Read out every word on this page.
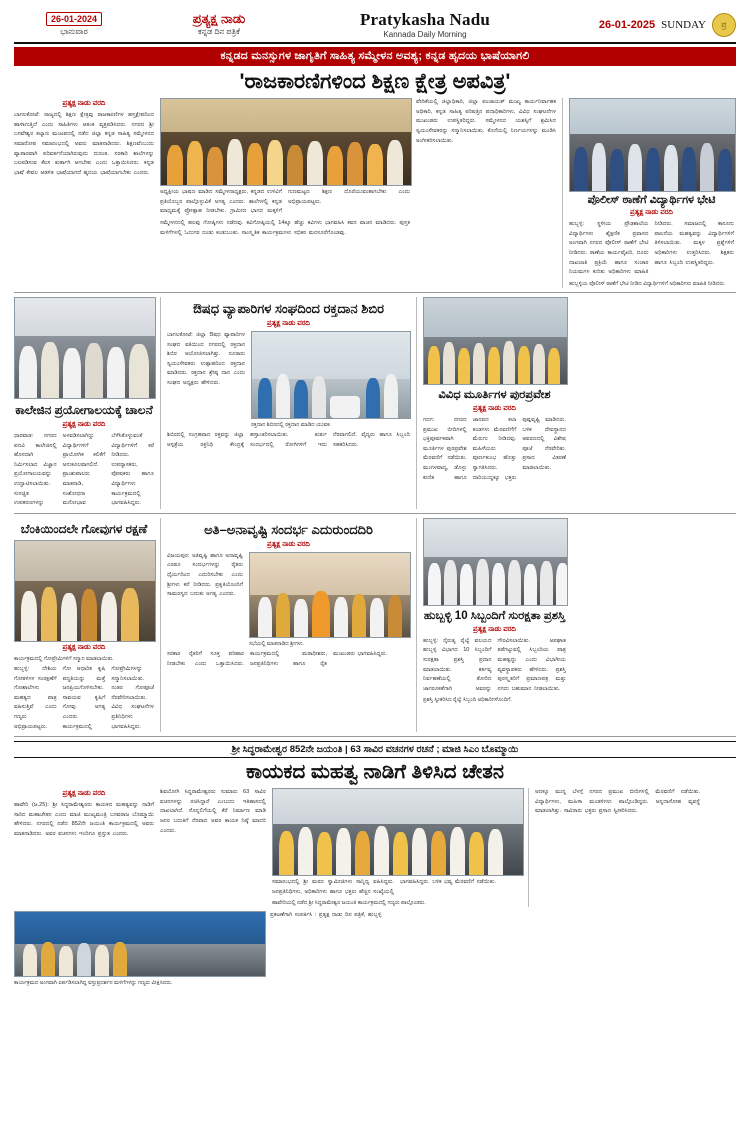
26-01-2024
ಭಾನುವಾರ
ಪ್ರತ್ಯಕ್ಷ ನಾಡು
ಕನ್ನಡ ದಿನ ಪತ್ರಿಕೆ
Pratykasha Nadu
Kannada Daily Morning
26-01-2025 SUNDAY	ಪ್ರ
ಕನ್ನಡದ ಮನಸ್ಸುಗಳ ಜಾಗೃತಿಗೆ ಸಾಹಿತ್ಯ ಸಮ್ಮೇಳನ ಅವಶ್ಯ; ಕನ್ನಡ ಹೃದಯ ಭಾಷೆಯಾಗಲಿ
'ರಾಜಕಾರಣಿಗಳಿಂದ ಶಿಕ್ಷಣ ಕ್ಷೇತ್ರ ಅಪವಿತ್ರ'
ಪ್ರತ್ಯಕ್ಷ ನಾಡು ವರದಿ
ಬಾಗಲಕೋಟೆ: ರಾಜ್ಯದಲ್ಲಿ ಶಿಕ್ಷಣ ಕ್ಷೇತ್ರವು ರಾಜಕಾರಣಿಗಳ ಹಸ್ತಕ್ಷೇಪದಿಂದ ಹಾಳಾಗುತ್ತಿದೆ ಎಂದು ಸಾಹಿತಿಗಳು ಆತಂಕ ವ್ಯಕ್ತಪಡಿಸಿದರು. ನಗರದ ಶ್ರೀ ಬಸವೇಶ್ವರ ಕಲ್ಯಾಣ ಮಂಟಪದಲ್ಲಿ ನಡೆದ ಜಿಲ್ಲಾ ಕನ್ನಡ ಸಾಹಿತ್ಯ ಸಮ್ಮೇಳನದ ಸಮಾರೋಪ ಸಮಾರಂಭದಲ್ಲಿ ಅವರು ಮಾತನಾಡಿದರು. ಶಿಕ್ಷಣವೆಂಬುದು ವ್ಯಾಪಾರವಾಗಿ ಪರಿವರ್ತನೆಯಾಗಿರುವುದು ದುರಂತ. ಸರಕಾರಿ ಶಾಲೆಗಳನ್ನು ಬಲಪಡಿಸುವ ಕೆಲಸ ತುರ್ತಾಗಿ ಆಗಬೇಕು ಎಂದು ಒತ್ತಾಯಿಸಿದರು. ಕನ್ನಡ ಭಾಷೆ ಕೇವಲ ಆಡಳಿತ ಭಾಷೆಯಾಗದೆ ಹೃದಯ ಭಾಷೆಯಾಗಬೇಕು ಎಂದರು.
ಅಧ್ಯಕ್ಷೀಯ ಭಾಷಣ ಮಾಡಿದ ಸಮ್ಮೇಳನಾಧ್ಯಕ್ಷರು, ಕನ್ನಡದ ಉಳಿವಿಗೆ ಪ್ರತಿಯೊಬ್ಬರ ಪಾಲ್ಗೊಳ್ಳುವಿಕೆ ಅಗತ್ಯ ಎಂದರು. ಶಾಲೆಗಳಲ್ಲಿ ಕನ್ನಡ ಮಾಧ್ಯಮಕ್ಕೆ ಪ್ರೋತ್ಸಾಹ ನೀಡಬೇಕು. ಗ್ರಾಮೀಣ ಭಾಗದ ಮಕ್ಕಳಿಗೆ ಗುಣಮಟ್ಟದ ಶಿಕ್ಷಣ ದೊರೆಯುವಂತಾಗಬೇಕು ಎಂದು ಅಭಿಪ್ರಾಯಪಟ್ಟರು.
ಸಮ್ಮೇಳನದಲ್ಲಿ ಹಲವು ಗೋಷ್ಠಿಗಳು ನಡೆದವು. ಕವಿಗೋಷ್ಠಿಯಲ್ಲಿ 14ಕ್ಕೂ ಹೆಚ್ಚು ಕವಿಗಳು ಭಾಗವಹಿಸಿ ಕವನ ವಾಚನ ಮಾಡಿದರು. ಪುಸ್ತಕ ಮಳಿಗೆಗಳಲ್ಲಿ ಓದುಗರ ದಂಡು ಕಂಡುಬಂತು. ಸಾಂಸ್ಕೃತಿಕ ಕಾರ್ಯಕ್ರಮಗಳು ಸಭಿಕರ ಮನಸೂರೆಗೊಂಡವು.
ವೇದಿಕೆಯಲ್ಲಿ ಜಿಲ್ಲಾಧಿಕಾರಿ, ಜಿಲ್ಲಾ ಪಂಚಾಯತ್ ಮುಖ್ಯ ಕಾರ್ಯನಿರ್ವಾಹಕ ಅಧಿಕಾರಿ, ಕನ್ನಡ ಸಾಹಿತ್ಯ ಪರಿಷತ್ತಿನ ಪದಾಧಿಕಾರಿಗಳು, ವಿವಿಧ ಸಂಘಟನೆಗಳ ಮುಖಂಡರು ಉಪಸ್ಥಿತರಿದ್ದರು. ಸಮ್ಮೇಳನದ ಯಶಸ್ಸಿಗೆ ಶ್ರಮಿಸಿದ ಸ್ವಯಂಸೇವಕರನ್ನು ಸನ್ಮಾನಿಸಲಾಯಿತು. ಕೊನೆಯಲ್ಲಿ ನಿರ್ಣಯಗಳನ್ನು ಮಂಡಿಸಿ ಅಂಗೀಕರಿಸಲಾಯಿತು.
ಪೊಲೀಸ್ ಠಾಣೆಗೆ ವಿದ್ಯಾರ್ಥಿಗಳ ಭೇಟಿ
ಪ್ರತ್ಯಕ್ಷ ನಾಡು ವರದಿ
ಹುಬ್ಬಳ್ಳಿ: ಸ್ಥಳೀಯ ಪ್ರೌಢಶಾಲೆಯ ವಿದ್ಯಾರ್ಥಿಗಳು ಶೈಕ್ಷಣಿಕ ಪ್ರವಾಸದ ಅಂಗವಾಗಿ ನಗರದ ಪೊಲೀಸ್ ಠಾಣೆಗೆ ಭೇಟಿ ನೀಡಿದರು. ಠಾಣೆಯ ಕಾರ್ಯವೈಖರಿ, ದೂರು ದಾಖಲಾತಿ ಪ್ರಕ್ರಿಯೆ ಹಾಗೂ ಸಂಚಾರ ನಿಯಮಗಳ ಕುರಿತು ಅಧಿಕಾರಿಗಳು ಮಾಹಿತಿ ನೀಡಿದರು. ಸಮಾಜದಲ್ಲಿ ಕಾನೂನು ಪಾಲನೆಯ ಮಹತ್ವವನ್ನು ವಿದ್ಯಾರ್ಥಿಗಳಿಗೆ ತಿಳಿಸಲಾಯಿತು. ಮಕ್ಕಳ ಪ್ರಶ್ನೆಗಳಿಗೆ ಅಧಿಕಾರಿಗಳು ಉತ್ತರಿಸಿದರು. ಶಿಕ್ಷಕರು ಹಾಗೂ ಸಿಬ್ಬಂದಿ ಉಪಸ್ಥಿತರಿದ್ದರು.
ಹುಬ್ಬಳ್ಳಿಯ ಪೊಲೀಸ್ ಠಾಣೆಗೆ ಭೇಟಿ ನೀಡಿದ ವಿದ್ಯಾರ್ಥಿಗಳಿಗೆ ಅಧಿಕಾರಿಗಳು ಮಾಹಿತಿ ನೀಡಿದರು.
ಕಾಲೇಜಿನ ಪ್ರಯೋಗಾಲಯಕ್ಕೆ ಚಾಲನೆ
ಪ್ರತ್ಯಕ್ಷ ನಾಡು ವರದಿ
ಧಾರವಾಡ: ನಗರದ ಪದವಿ ಕಾಲೇಜಿನಲ್ಲಿ ಹೊಸದಾಗಿ ನಿರ್ಮಿಸಲಾದ ವಿಜ್ಞಾನ ಪ್ರಯೋಗಾಲಯವನ್ನು ಉದ್ಘಾಟಿಸಲಾಯಿತು. ಸುಸಜ್ಜಿತ ಉಪಕರಣಗಳನ್ನು ಅಳವಡಿಸಲಾಗಿದ್ದು ವಿದ್ಯಾರ್ಥಿಗಳಿಗೆ ಪ್ರಾಯೋಗಿಕ ಕಲಿಕೆಗೆ ಅನುಕೂಲವಾಗಲಿದೆ. ಪ್ರಾಂಶುಪಾಲರು ಮಾತನಾಡಿ, ಸಂಶೋಧನಾ ಮನೋಭಾವ ಬೆಳೆಸಿಕೊಳ್ಳುವಂತೆ ವಿದ್ಯಾರ್ಥಿಗಳಿಗೆ ಕರೆ ನೀಡಿದರು. ಉಪನ್ಯಾಸಕರು, ಪೋಷಕರು ಹಾಗೂ ವಿದ್ಯಾರ್ಥಿಗಳು ಕಾರ್ಯಕ್ರಮದಲ್ಲಿ ಭಾಗವಹಿಸಿದ್ದರು.
ಔಷಧ ವ್ಯಾಪಾರಿಗಳ ಸಂಘದಿಂದ ರಕ್ತದಾನ ಶಿಬಿರ
ಪ್ರತ್ಯಕ್ಷ ನಾಡು ವರದಿ
ಬಾಗಲಕೋಟೆ: ಜಿಲ್ಲಾ ಔಷಧ ವ್ಯಾಪಾರಿಗಳ ಸಂಘದ ವತಿಯಿಂದ ನಗರದಲ್ಲಿ ರಕ್ತದಾನ ಶಿಬಿರ ಆಯೋಜಿಸಲಾಗಿತ್ತು. ನೂರಾರು ಸ್ವಯಂಸೇವಕರು ಉತ್ಸಾಹದಿಂದ ರಕ್ತದಾನ ಮಾಡಿದರು. ರಕ್ತದಾನ ಶ್ರೇಷ್ಠ ದಾನ ಎಂದು ಸಂಘದ ಅಧ್ಯಕ್ಷರು ಹೇಳಿದರು.
ರಕ್ತದಾನ ಶಿಬಿರದಲ್ಲಿ ರಕ್ತದಾನ ಮಾಡಿದ ಯುವಕ.
ಶಿಬಿರದಲ್ಲಿ ಸಂಗ್ರಹವಾದ ರಕ್ತವನ್ನು ಜಿಲ್ಲಾ ಆಸ್ಪತ್ರೆಯ ರಕ್ತನಿಧಿ ಕೇಂದ್ರಕ್ಕೆ ಹಸ್ತಾಂತರಿಸಲಾಯಿತು. ತುರ್ತು ಸಂದರ್ಭದಲ್ಲಿ ರೋಗಿಗಳಿಗೆ ಇದು ನೆರವಾಗಲಿದೆ. ವೈದ್ಯರು ಹಾಗೂ ಸಿಬ್ಬಂದಿ ಸಹಕರಿಸಿದರು.
ವಿವಿಧ ಮೂರ್ತಿಗಳ ಪುರಪ್ರವೇಶ
ಪ್ರತ್ಯಕ್ಷ ನಾಡು ವರದಿ
ಗದಗ: ನಗರದ ಪ್ರಮುಖ ಬೀದಿಗಳಲ್ಲಿ ಭಕ್ತಿಪೂರ್ವಕವಾಗಿ ಮೂರ್ತಿಗಳ ಪುರಪ್ರವೇಶ ಮೆರವಣಿಗೆ ನಡೆಯಿತು. ಮಂಗಳವಾದ್ಯ, ಡೊಳ್ಳು ಕುಣಿತ ಹಾಗೂ ಜಾನಪದ ಕಲಾ ತಂಡಗಳು ಮೆರವಣಿಗೆಗೆ ಮೆರುಗು ನೀಡಿದವು. ಮಹಿಳೆಯರು ಪೂರ್ಣಕುಂಭ ಹೊತ್ತು ಸ್ವಾಗತಿಸಿದರು. ದಾರಿಯುದ್ದಕ್ಕೂ ಭಕ್ತರು ಪುಷ್ಪವೃಷ್ಟಿ ಮಾಡಿದರು. ಬಳಿಕ ದೇವಸ್ಥಾನದ ಆವರಣದಲ್ಲಿ ವಿಶೇಷ ಪೂಜೆ ನೆರವೇರಿತು. ಪ್ರಸಾದ ವಿತರಣೆ ಮಾಡಲಾಯಿತು.
ಬೆಂಕಿಯಿಂದಲೇ ಗೋವುಗಳ ರಕ್ಷಣೆ
ಪ್ರತ್ಯಕ್ಷ ನಾಡು ವರದಿ
ಕಾರ್ಯಕ್ರಮದಲ್ಲಿ ಗೋಪ್ರೇಮಿಗಳಿಗೆ ಸನ್ಮಾನ ಮಾಡಲಾಯಿತು.
ಹುಬ್ಬಳ್ಳಿ: ದೇಶಿಯ ಗೋತಳಿಗಳ ಸಂರಕ್ಷಣೆಗೆ ಗೋಶಾಲೆಗಳು ಮಹತ್ವದ ಪಾತ್ರ ವಹಿಸುತ್ತಿವೆ ಎಂದು ಗಣ್ಯರು ಅಭಿಪ್ರಾಯಪಟ್ಟರು. ಗೋ ಆಧಾರಿತ ಕೃಷಿ ಪದ್ಧತಿಯನ್ನು ಮತ್ತೆ ಜನಪ್ರಿಯಗೊಳಿಸಬೇಕು. ಸಾವಯವ ಕೃಷಿಗೆ ಗೋವು ಅಗತ್ಯ ಎಂದರು. ಕಾರ್ಯಕ್ರಮದಲ್ಲಿ ಗೋಪ್ರೇಮಿಗಳನ್ನು ಸನ್ಮಾನಿಸಲಾಯಿತು. ನಂತರ ಗೋಪೂಜೆ ನೆರವೇರಿಸಲಾಯಿತು. ವಿವಿಧ ಸಂಘಟನೆಗಳ ಪ್ರತಿನಿಧಿಗಳು ಭಾಗವಹಿಸಿದ್ದರು.
ಅತಿ–ಅನಾವೃಷ್ಟಿ ಸಂದರ್ಭ ಎದುರುಂದದಿರಿ
ಪ್ರತ್ಯಕ್ಷ ನಾಡು ವರದಿ
ವಿಜಯಪುರ: ಅತಿವೃಷ್ಟಿ ಹಾಗೂ ಅನಾವೃಷ್ಟಿ ಎರಡೂ ಸಂದರ್ಭಗಳನ್ನು ರೈತರು ಧೈರ್ಯದಿಂದ ಎದುರಿಸಬೇಕು ಎಂದು ಶ್ರೀಗಳು ಕರೆ ನೀಡಿದರು. ಪ್ರಕೃತಿಯೊಂದಿಗೆ ಸಾಮರಸ್ಯದ ಬದುಕು ಅಗತ್ಯ ಎಂದರು.
ಸಭೆಯಲ್ಲಿ ಮಾತನಾಡಿದ ಶ್ರೀಗಳು.
ಸರಕಾರ ರೈತರಿಗೆ ಸೂಕ್ತ ಪರಿಹಾರ ನೀಡಬೇಕು ಎಂದು ಒತ್ತಾಯಿಸಿದರು. ಕಾರ್ಯಕ್ರಮದಲ್ಲಿ ಮಠಾಧೀಶರು, ಜನಪ್ರತಿನಿಧಿಗಳು ಹಾಗೂ ರೈತ ಮುಖಂಡರು ಭಾಗವಹಿಸಿದ್ದರು.
ಹುಬ್ಬಳ್ಳಿ 10 ಸಿಬ್ಬಂದಿಗೆ ಸುರಕ್ಷತಾ ಪ್ರಶಸ್ತಿ
ಪ್ರತ್ಯಕ್ಷ ನಾಡು ವರದಿ
ಹುಬ್ಬಳ್ಳಿ: ನೈರುತ್ಯ ರೈಲ್ವೆ ವಲಯದ ಹುಬ್ಬಳ್ಳಿ ವಿಭಾಗದ 10 ಸಿಬ್ಬಂದಿಗೆ ಸುರಕ್ಷತಾ ಪ್ರಶಸ್ತಿ ಪ್ರದಾನ ಮಾಡಲಾಯಿತು. ಕರ್ತವ್ಯ ನಿರ್ವಹಣೆಯಲ್ಲಿ ತೋರಿದ ಜಾಗರೂಕತೆಗಾಗಿ ಅವರನ್ನು ಗೌರವಿಸಲಾಯಿತು. ಅಪಘಾತ ತಡೆಗಟ್ಟುವಲ್ಲಿ ಸಿಬ್ಬಂದಿಯ ಪಾತ್ರ ಮಹತ್ವದ್ದು ಎಂದು ವಿಭಾಗೀಯ ವ್ಯವಸ್ಥಾಪಕರು ಹೇಳಿದರು. ಪ್ರಶಸ್ತಿ ಪುರಸ್ಕೃತರಿಗೆ ಪ್ರಮಾಣಪತ್ರ ಮತ್ತು ನಗದು ಬಹುಮಾನ ನೀಡಲಾಯಿತು.
ಪ್ರಶಸ್ತಿ ಸ್ವೀಕರಿಸಿದ ರೈಲ್ವೆ ಸಿಬ್ಬಂದಿ ಅಧಿಕಾರಿಗಳೊಂದಿಗೆ.
ಶ್ರೀ ಸಿದ್ಧರಾಮೇಶ್ವರ 852ನೇ ಜಯಂತಿ | 63 ಸಾವಿರ ವಚನಗಳ ರಚನೆ ; ಮಾಜಿ ಸಿಎಂ ಬೊಮ್ಮಾಯಿ
ಕಾಯಕದ ಮಹತ್ವ ನಾಡಿಗೆ ತಿಳಿಸಿದ ಚೇತನ
ಪ್ರತ್ಯಕ್ಷ ನಾಡು ವರದಿ
ಹಾವೇರಿ (ಜ.25): ಶ್ರೀ ಸಿದ್ಧರಾಮೇಶ್ವರರು ಕಾಯಕದ ಮಹತ್ವವನ್ನು ನಾಡಿಗೆ ಸಾರಿದ ಮಹಾಚೇತನ ಎಂದು ಮಾಜಿ ಮುಖ್ಯಮಂತ್ರಿ ಬಸವರಾಜ ಬೊಮ್ಮಾಯಿ ಹೇಳಿದರು. ನಗರದಲ್ಲಿ ನಡೆದ 852ನೇ ಜಯಂತಿ ಕಾರ್ಯಕ್ರಮದಲ್ಲಿ ಅವರು ಮಾತನಾಡಿದರು. ಅವರ ವಚನಗಳು ಇಂದಿಗೂ ಪ್ರಸ್ತುತ ಎಂದರು.
ಶಿವಯೋಗಿ ಸಿದ್ಧರಾಮೇಶ್ವರರು ಸುಮಾರು 63 ಸಾವಿರ ವಚನಗಳನ್ನು ರಚಿಸಿದ್ದಾರೆ ಎಂಬುದು ಇತಿಹಾಸದಲ್ಲಿ ದಾಖಲಾಗಿದೆ. ಸೊನ್ನಲಿಗೆಯಲ್ಲಿ ಕೆರೆ ನಿರ್ಮಾಣ ಮಾಡಿ ಜನರ ಬದುಕಿಗೆ ನೆರವಾದ ಅವರ ಕಾಯಕ ನಿಷ್ಠೆ ಮಾದರಿ ಎಂದರು.
ಸಮಾರಂಭದಲ್ಲಿ ಶ್ರೀ ಮಠದ ಸ್ವಾಮೀಜಿಗಳು ಸಾನ್ನಿಧ್ಯ ವಹಿಸಿದ್ದರು. ಜನಪ್ರತಿನಿಧಿಗಳು, ಅಧಿಕಾರಿಗಳು ಹಾಗೂ ಭಕ್ತರು ಹೆಚ್ಚಿನ ಸಂಖ್ಯೆಯಲ್ಲಿ ಭಾಗವಹಿಸಿದ್ದರು. ಬಳಿಕ ಭವ್ಯ ಮೆರವಣಿಗೆ ನಡೆಯಿತು.
ಹಾವೇರಿಯಲ್ಲಿ ನಡೆದ ಶ್ರೀ ಸಿದ್ಧರಾಮೇಶ್ವರ ಜಯಂತಿ ಕಾರ್ಯಕ್ರಮದಲ್ಲಿ ಗಣ್ಯರು ಪಾಲ್ಗೊಂಡರು.
ಅದಕ್ಕೂ ಮುನ್ನ ಬೆಳಗ್ಗೆ ನಗರದ ಪ್ರಮುಖ ಬೀದಿಗಳಲ್ಲಿ ಮೆರವಣಿಗೆ ನಡೆಯಿತು. ವಿದ್ಯಾರ್ಥಿಗಳು, ಮಹಿಳಾ ಮಂಡಳಿಗಳು ಪಾಲ್ಗೊಂಡಿದ್ದರು. ಅನ್ನದಾಸೋಹ ವ್ಯವಸ್ಥೆ ಮಾಡಲಾಗಿತ್ತು. ಸಾವಿರಾರು ಭಕ್ತರು ಪ್ರಸಾದ ಸ್ವೀಕರಿಸಿದರು.
ಕಾರ್ಯಕ್ರಮದ ಅಂಗವಾಗಿ ಏರ್ಪಡಿಸಲಾಗಿದ್ದ ವಸ್ತುಪ್ರದರ್ಶನ ಮಳಿಗೆಗಳನ್ನು ಗಣ್ಯರು ವೀಕ್ಷಿಸಿದರು.
ಪ್ರಕಟಣೆಗಾಗಿ ಸಂಪರ್ಕಿಸಿ : ಪ್ರತ್ಯಕ್ಷ ನಾಡು ದಿನ ಪತ್ರಿಕೆ, ಹುಬ್ಬಳ್ಳಿ
